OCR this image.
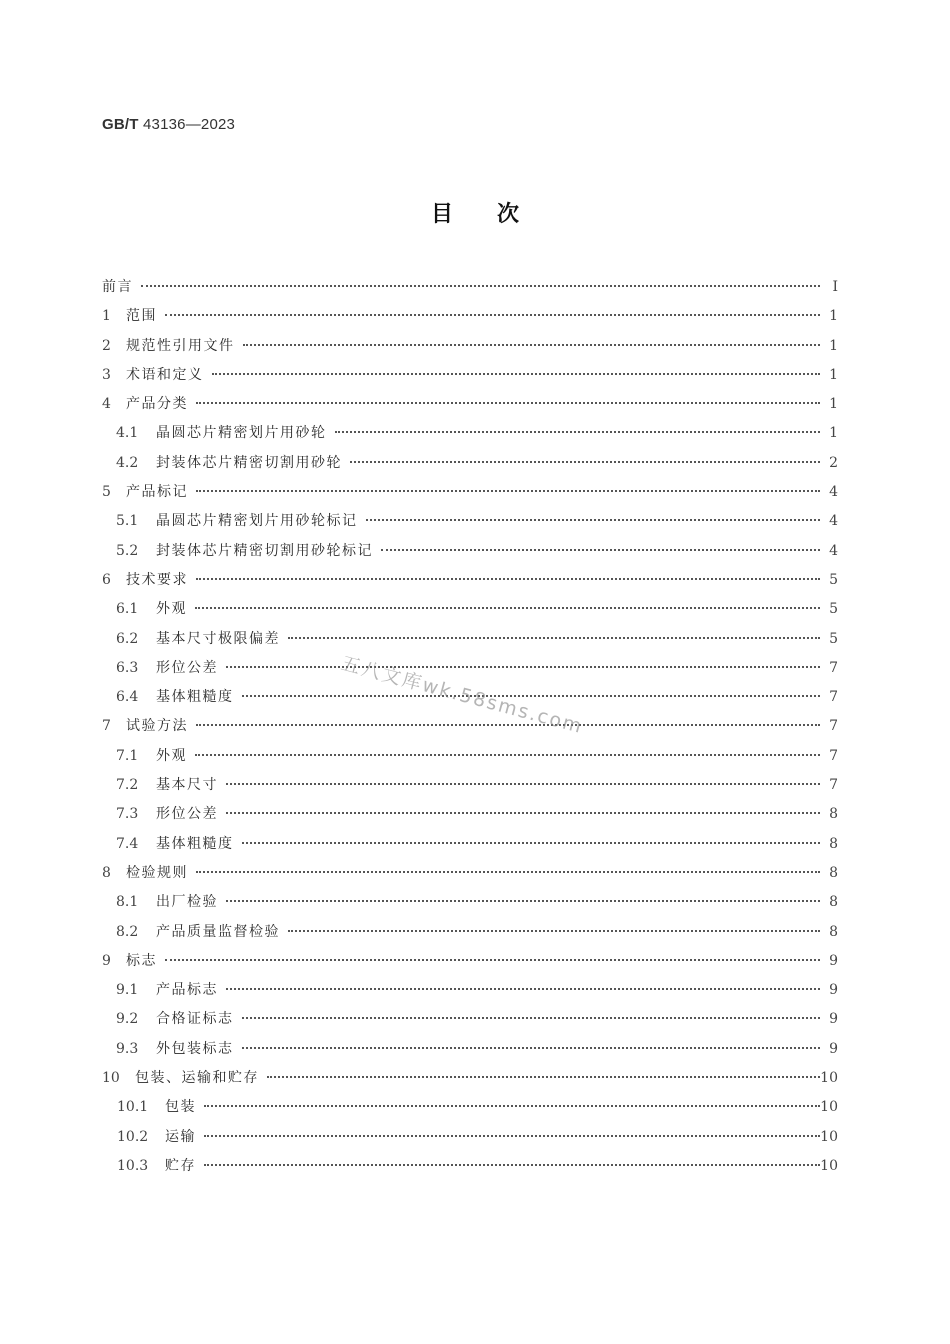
GB/T 43136—2023
目次
前言	I
1	范围	1
2	规范性引用文件	1
3	术语和定义	1
4	产品分类	1
4.1	晶圆芯片精密划片用砂轮	1
4.2	封装体芯片精密切割用砂轮	2
5	产品标记	4
5.1	晶圆芯片精密划片用砂轮标记	4
5.2	封装体芯片精密切割用砂轮标记	4
6	技术要求	5
6.1	外观	5
6.2	基本尺寸极限偏差	5
6.3	形位公差	7
6.4	基体粗糙度	7
7	试验方法	7
7.1	外观	7
7.2	基本尺寸	7
7.3	形位公差	8
7.4	基体粗糙度	8
8	检验规则	8
8.1	出厂检验	8
8.2	产品质量监督检验	8
9	标志	9
9.1	产品标志	9
9.2	合格证标志	9
9.3	外包装标志	9
10	包装、运输和贮存	10
10.1	包装	10
10.2	运输	10
10.3	贮存	10
五八文库wk.58sms.com
